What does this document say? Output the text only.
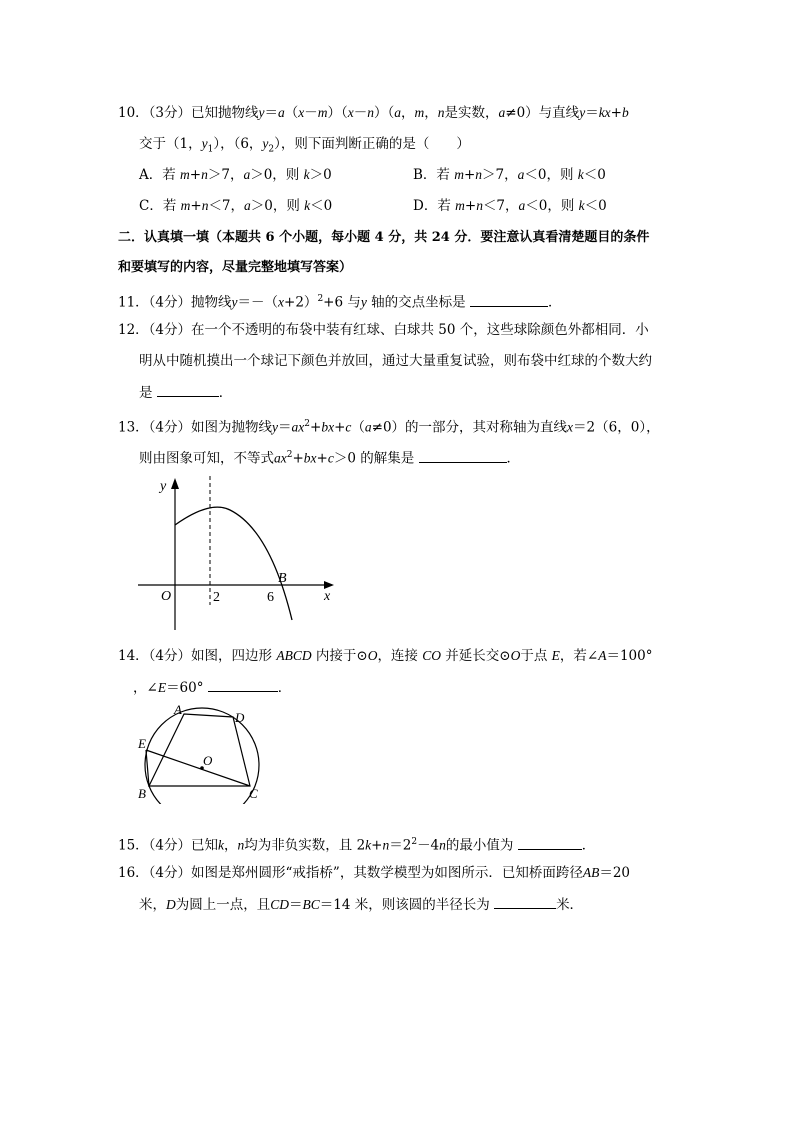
10．（3分）已知抛物线y＝a（x－m）（x－n）（a，m，n是实数，a≠0）与直线y＝kx+b
交于（1，$y_1$），（6，$y_2$），则下面判断正确的是（　　）
A．若 m+n＞7，a＞0，则 k＞0	B．若 m+n＞7，a＜0，则 k＜0
C．若 m+n＜7，a＞0，则 k＜0	D．若 m+n＜7，a＜0，则 k＜0
二．认真填一填（本题共 6 个小题，每小题 4 分，共 24 分．要注意认真看清楚题目的条件
和要填写的内容，尽量完整地填写答案）
11．（4分）抛物线$y=-(x+2)^2+6$ 与y 轴的交点坐标是	．
12．（4分）在一个不透明的布袋中装有红球、白球共 50 个，这些球除颜色外都相同．小
明从中随机摸出一个球记下颜色并放回，通过大量重复试验，则布袋中红球的个数大约
是	．
13．（4分）如图为抛物线$y=ax^2+bx+c(a\ne 0)$的一部分，其对称轴为直线x＝2（6，0），
则由图象可知，不等式$ax^2+bx+c>0$ 的解集是	．
y
x
O	2	6
B
14．（4分）如图，四边形 ABCD 内接于⊙O，连接 CO 并延长交⊙O于点 E，若∠A＝100°
，∠E＝60°	．
A
D
E
O
B	C
15．（4分）已知k，n均为非负实数，且 $2k+n=2^2-4n$的最小值为	．
16．（4分）如图是郑州圆形“戒指桥”，其数学模型为如图所示．已知桥面跨径AB＝20
米，D为圆上一点，且CD＝BC＝14 米，则该圆的半径长为	米．
